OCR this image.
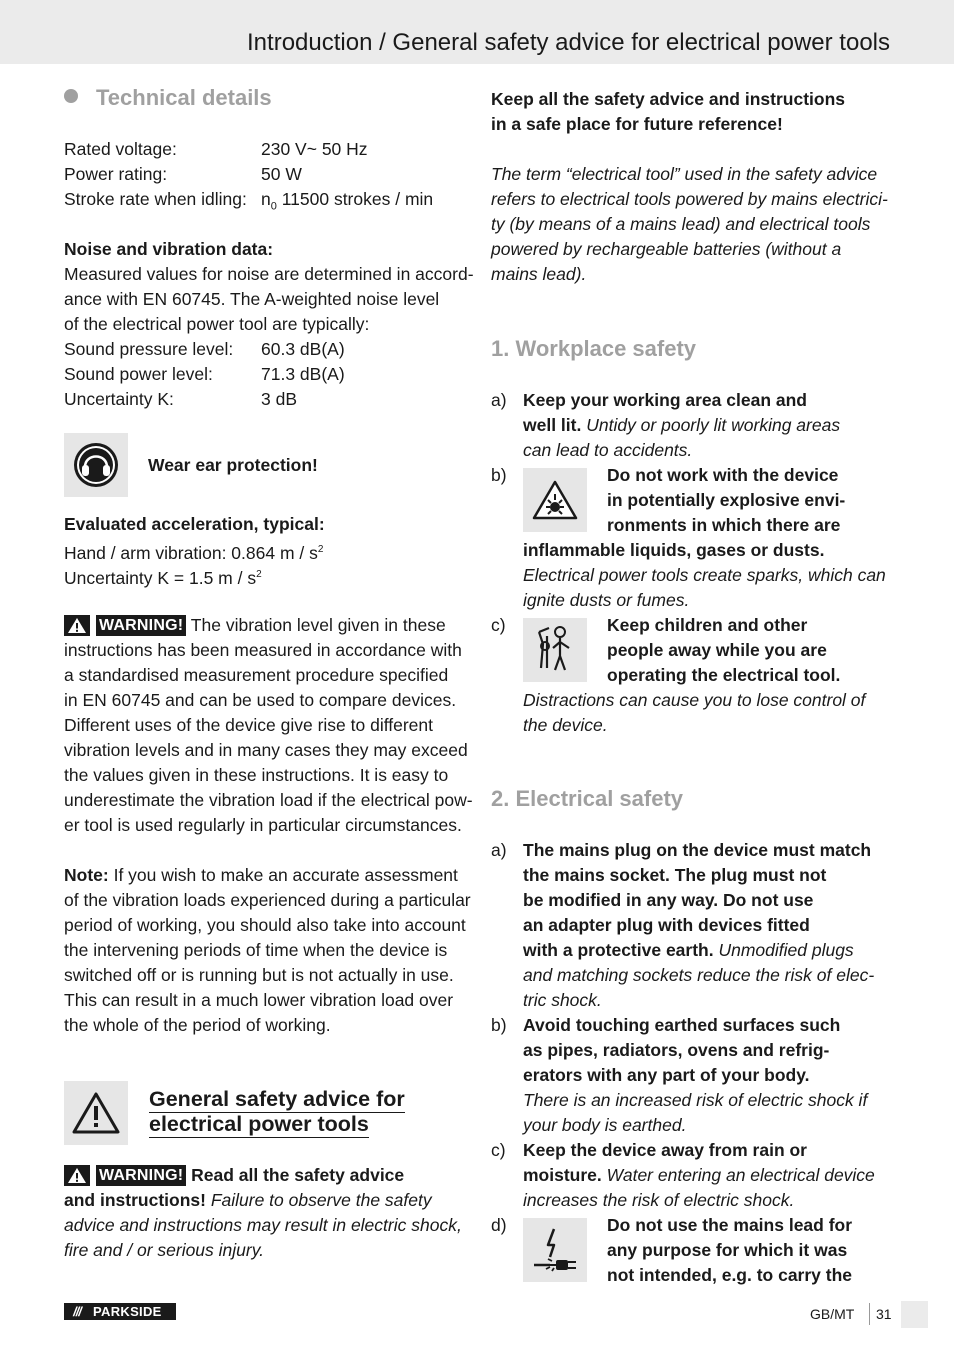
Introduction / General safety advice for electrical power tools
Technical details
Rated voltage:	230 V~ 50 Hz
Power rating:	50 W
Stroke rate when idling: $n_0$ 11500 strokes / min
Noise and vibration data:
Measured values for noise are determined in accord-
ance with EN 60745. The A-weighted noise level
of the electrical power tool are typically:
Sound pressure level: 60.3 dB(A)
Sound power level:	71.3 dB(A)
Uncertainty K:	3 dB
Wear ear protection!
Evaluated acceleration, typical:
Hand / arm vibration: 0.864 m / $s^2$
Uncertainty K = 1.5 m / $s^2$
WARNING! The vibration level given in these
instructions has been measured in accordance with
a standardised measurement procedure specified
in EN 60745 and can be used to compare devices.
Different uses of the device give rise to different
vibration levels and in many cases they may exceed
the values given in these instructions. It is easy to
underestimate the vibration load if the electrical pow-
er tool is used regularly in particular circumstances.
Note: If you wish to make an accurate assessment
of the vibration loads experienced during a particular
period of working, you should also take into account
the intervening periods of time when the device is
switched off or is running but is not actually in use.
This can result in a much lower vibration load over
the whole of the period of working.
General safety advice for
electrical power tools
WARNING! Read all the safety advice
and instructions! Failure to observe the safety
advice and instructions may result in electric shock,
fire and / or serious injury.
Keep all the safety advice and instructions
in a safe place for future reference!
The term “electrical tool” used in the safety advice
refers to electrical tools powered by mains electrici-
ty (by means of a mains lead) and electrical tools
powered by rechargeable batteries (without a
mains lead).
1. Workplace safety
a) Keep your working area clean and
well lit. Untidy or poorly lit working areas
can lead to accidents.
b)	Do not work with the device
in potentially explosive envi-
ronments in which there are
inflammable liquids, gases or dusts.
Electrical power tools create sparks, which can
ignite dusts or fumes.
c)	Keep children and other
people away while you are
operating the electrical tool.
Distractions can cause you to lose control of
the device.
2. Electrical safety
a) The mains plug on the device must match
the mains socket. The plug must not
be modified in any way. Do not use
an adapter plug with devices fitted
with a protective earth. Unmodified plugs
and matching sockets reduce the risk of elec-
tric shock.
b) Avoid touching earthed surfaces such
as pipes, radiators, ovens and refrig-
erators with any part of your body.
There is an increased risk of electric shock if
your body is earthed.
c) Keep the device away from rain or
moisture. Water entering an electrical device
increases the risk of electric shock.
d)	Do not use the mains lead for
any purpose for which it was
not intended, e.g. to carry the
/// PARKSIDE	GB/MT 31
